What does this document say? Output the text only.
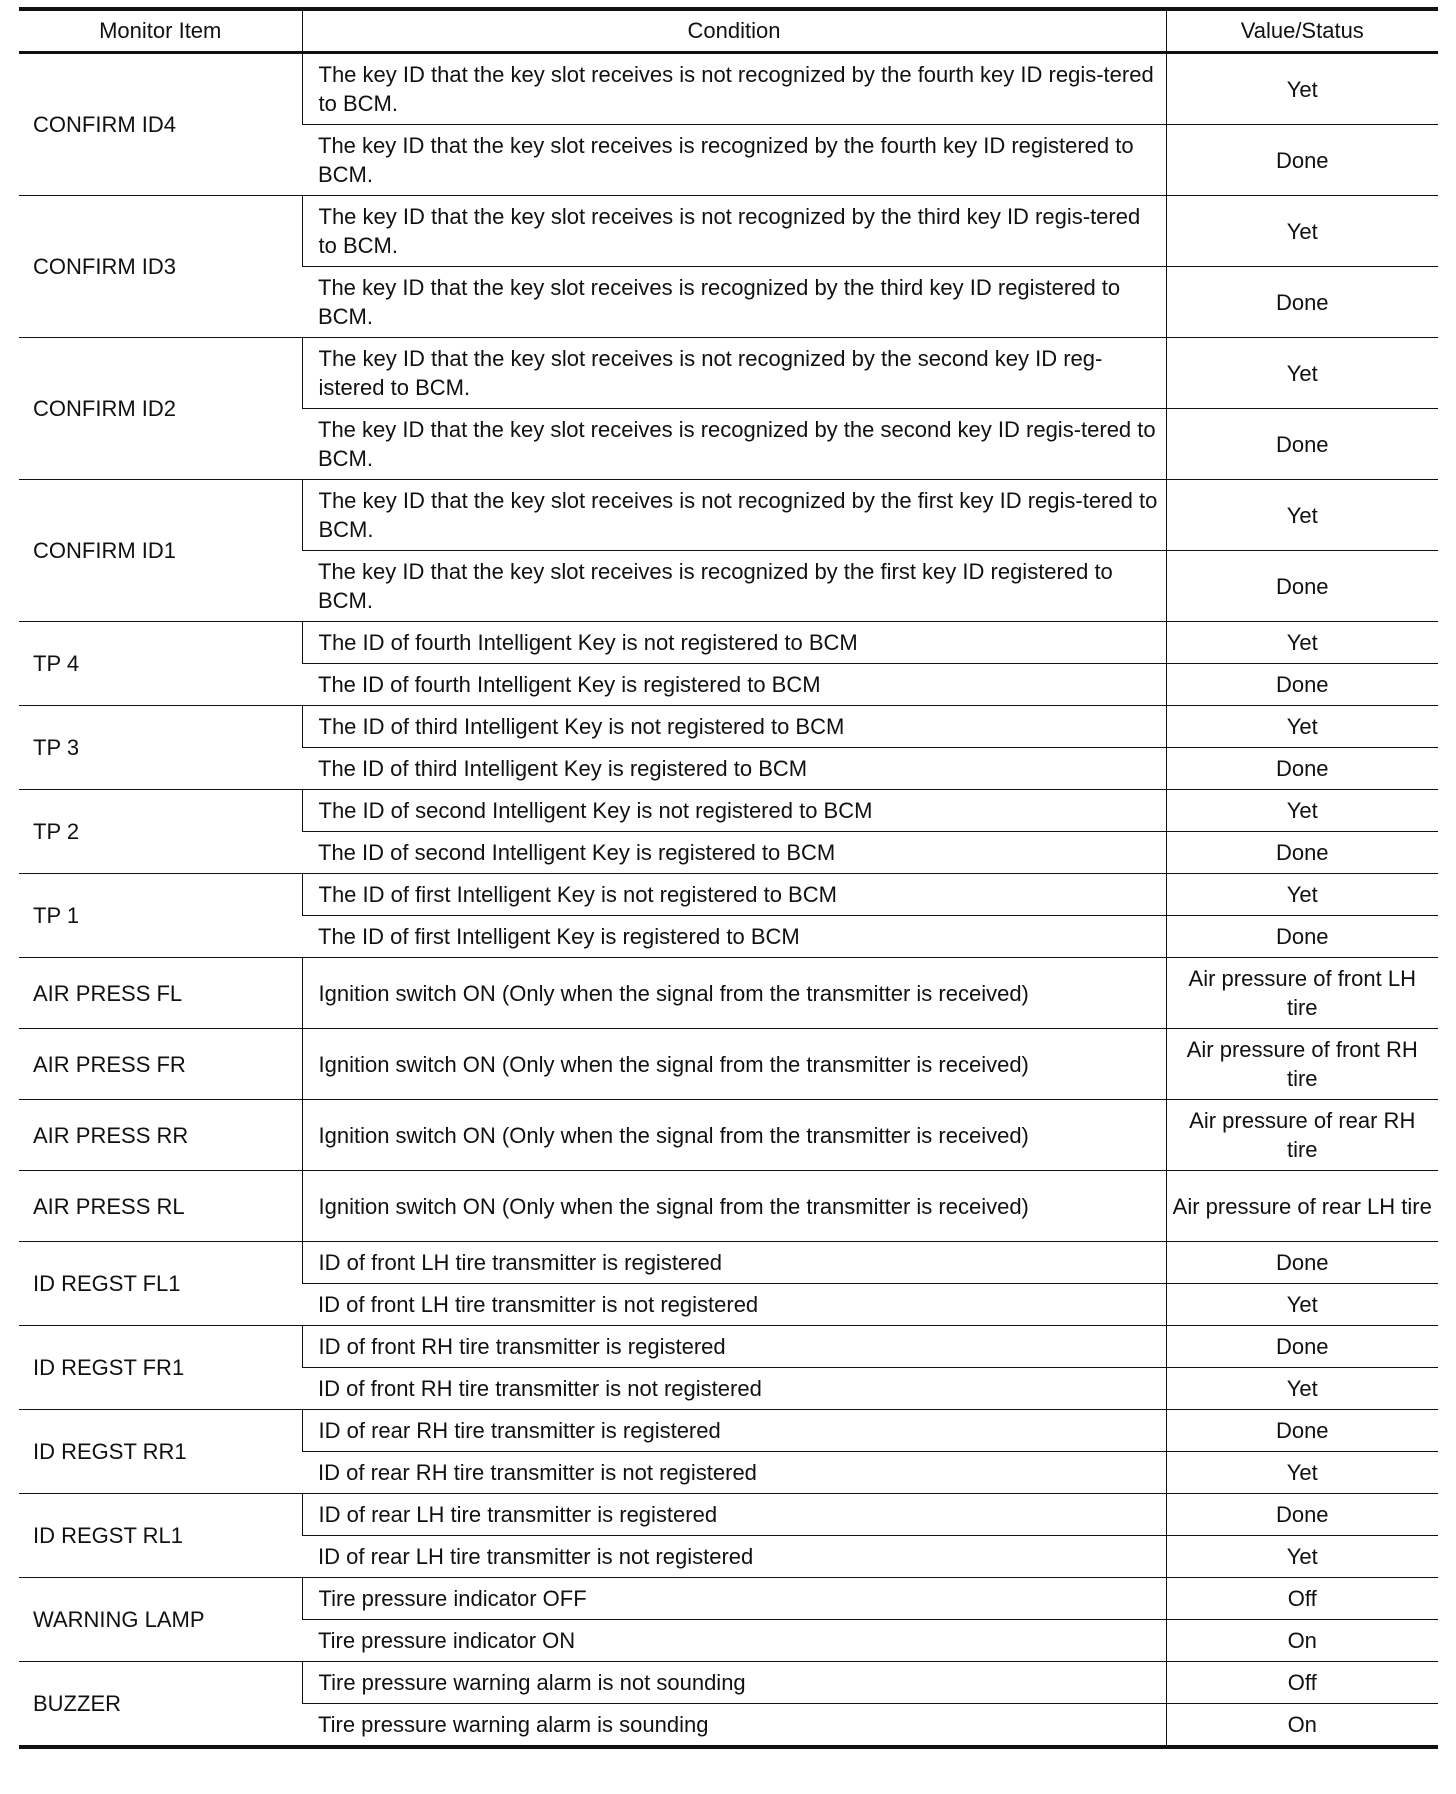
Monitor Item	Condition	Value/Status
CONFIRM ID4	The key ID that the key slot receives is not recognized by the fourth key ID regis-tered to BCM.	Yet
	The key ID that the key slot receives is recognized by the fourth key ID registered to BCM.	Done
CONFIRM ID3	The key ID that the key slot receives is not recognized by the third key ID regis-tered to BCM.	Yet
	The key ID that the key slot receives is recognized by the third key ID registered to BCM.	Done
CONFIRM ID2	The key ID that the key slot receives is not recognized by the second key ID reg-istered to BCM.	Yet
	The key ID that the key slot receives is recognized by the second key ID regis-tered to BCM.	Done
CONFIRM ID1	The key ID that the key slot receives is not recognized by the first key ID regis-tered to BCM.	Yet
	The key ID that the key slot receives is recognized by the first key ID registered to BCM.	Done
TP 4	The ID of fourth Intelligent Key is not registered to BCM	Yet
	The ID of fourth Intelligent Key is registered to BCM	Done
TP 3	The ID of third Intelligent Key is not registered to BCM	Yet
	The ID of third Intelligent Key is registered to BCM	Done
TP 2	The ID of second Intelligent Key is not registered to BCM	Yet
	The ID of second Intelligent Key is registered to BCM	Done
TP 1	The ID of first Intelligent Key is not registered to BCM	Yet
	The ID of first Intelligent Key is registered to BCM	Done
AIR PRESS FL	Ignition switch ON (Only when the signal from the transmitter is received)	Air pressure of front LH tire
AIR PRESS FR	Ignition switch ON (Only when the signal from the transmitter is received)	Air pressure of front RH tire
AIR PRESS RR	Ignition switch ON (Only when the signal from the transmitter is received)	Air pressure of rear RH tire
AIR PRESS RL	Ignition switch ON (Only when the signal from the transmitter is received)	Air pressure of rear LH tire
ID REGST FL1	ID of front LH tire transmitter is registered	Done
	ID of front LH tire transmitter is not registered	Yet
ID REGST FR1	ID of front RH tire transmitter is registered	Done
	ID of front RH tire transmitter is not registered	Yet
ID REGST RR1	ID of rear RH tire transmitter is registered	Done
	ID of rear RH tire transmitter is not registered	Yet
ID REGST RL1	ID of rear LH tire transmitter is registered	Done
	ID of rear LH tire transmitter is not registered	Yet
WARNING LAMP	Tire pressure indicator OFF	Off
	Tire pressure indicator ON	On
BUZZER	Tire pressure warning alarm is not sounding	Off
	Tire pressure warning alarm is sounding	On
